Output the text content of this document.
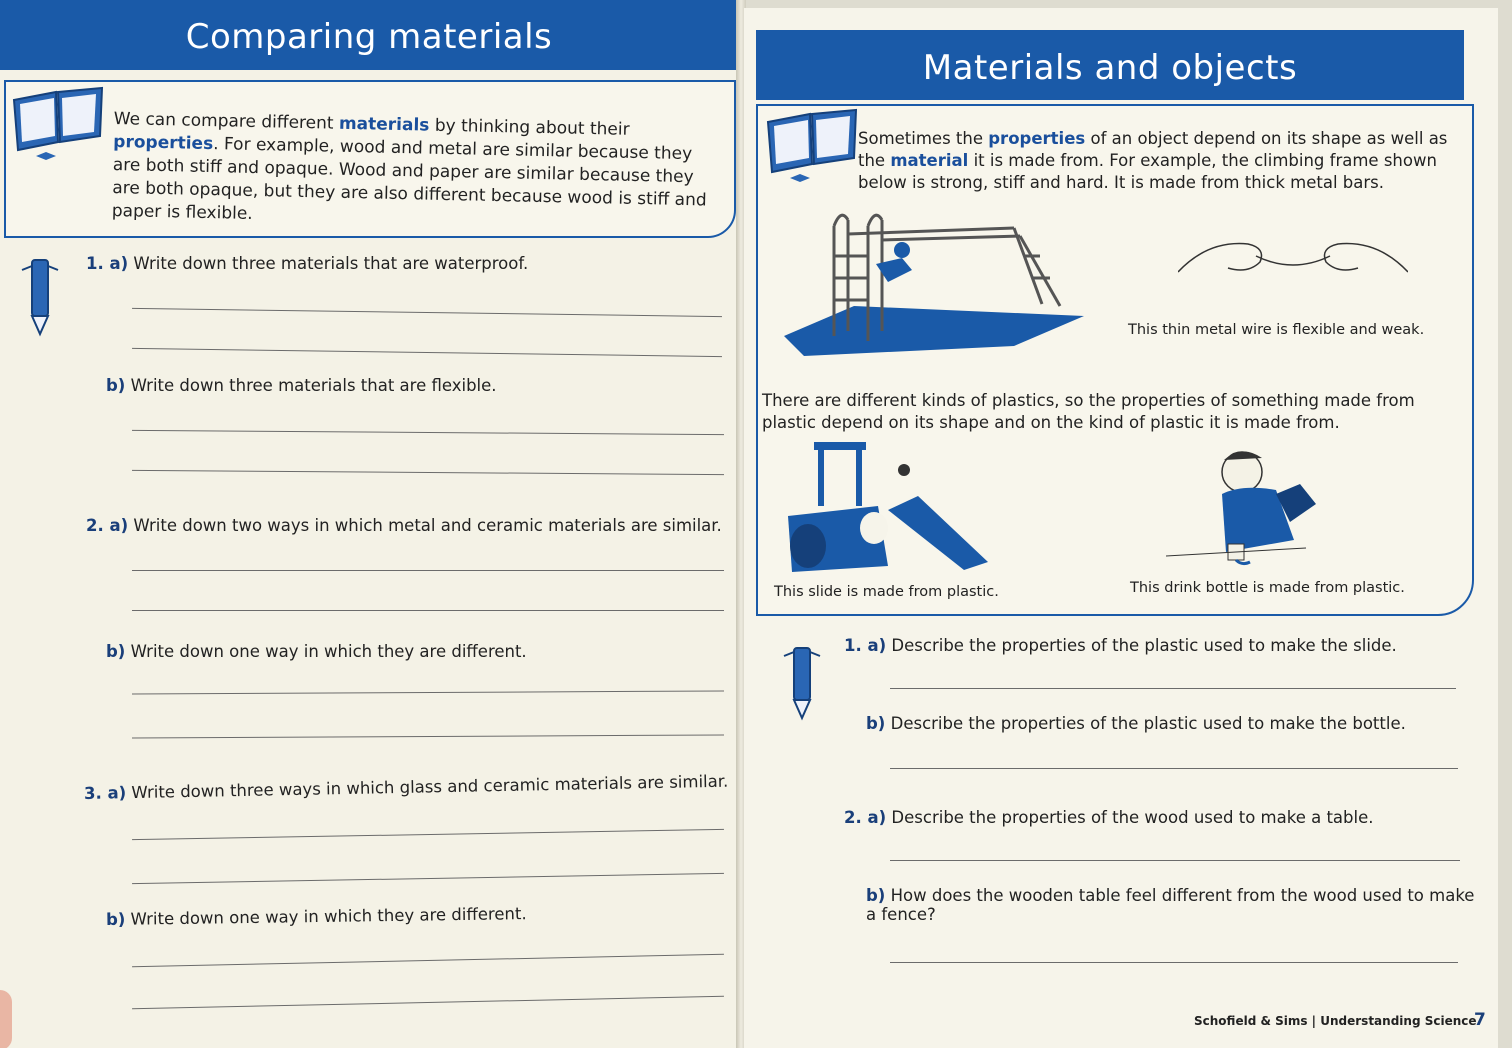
Comparing materials
We can compare different materials by thinking about their properties. For example, wood and metal are similar because they are both stiff and opaque. Wood and paper are similar because they are both opaque, but they are also different because wood is stiff and paper is flexible.
1. a) Write down three materials that are waterproof.
b) Write down three materials that are flexible.
2. a) Write down two ways in which metal and ceramic materials are similar.
b) Write down one way in which they are different.
3. a) Write down three ways in which glass and ceramic materials are similar.
b) Write down one way in which they are different.
Materials and objects
Sometimes the properties of an object depend on its shape as well as the material it is made from. For example, the climbing frame shown below is strong, stiff and hard. It is made from thick metal bars.
This thin metal wire is flexible and weak.
There are different kinds of plastics, so the properties of something made from plastic depend on its shape and on the kind of plastic it is made from.
This slide is made from plastic.	This drink bottle is made from plastic.
1. a) Describe the properties of the plastic used to make the slide.
b) Describe the properties of the plastic used to make the bottle.
2. a) Describe the properties of the wood used to make a table.
b) How does the wooden table feel different from the wood used to make a fence?
Schofield & Sims | Understanding Science
7
